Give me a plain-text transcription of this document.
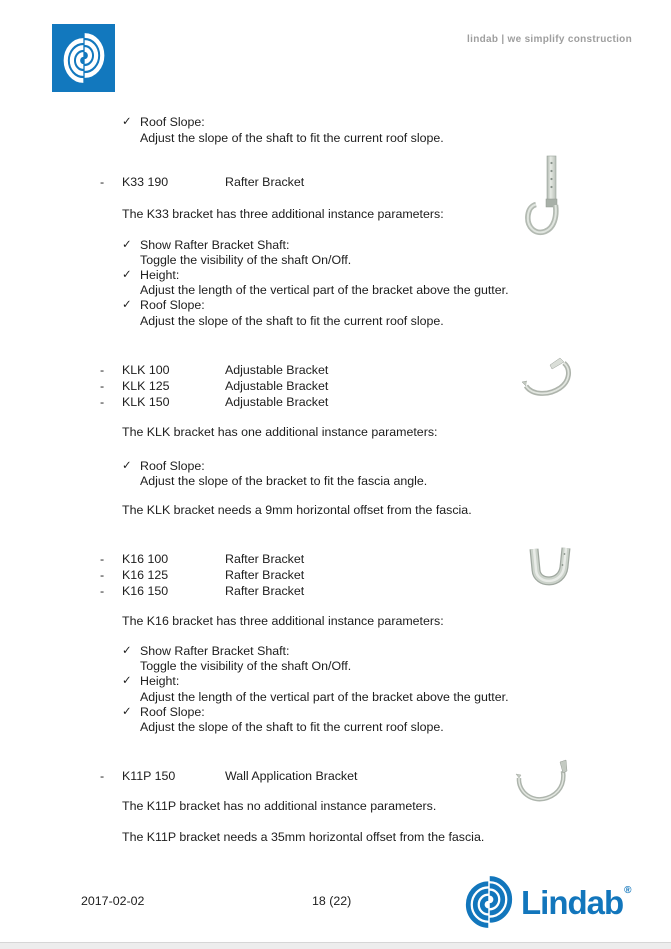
lindab | we simplify construction
✓ Roof Slope:
Adjust the slope of the shaft to fit the current roof slope.
- K33 190	Rafter Bracket
The K33 bracket has three additional instance parameters:
✓ Show Rafter Bracket Shaft:
Toggle the visibility of the shaft On/Off.
✓ Height:
Adjust the length of the vertical part of the bracket above the gutter.
✓ Roof Slope:
Adjust the slope of the shaft to fit the current roof slope.
- KLK 100	Adjustable Bracket
- KLK 125	Adjustable Bracket
- KLK 150	Adjustable Bracket
The KLK bracket has one additional instance parameters:
✓ Roof Slope:
Adjust the slope of the bracket to fit the fascia angle.
The KLK bracket needs a 9mm horizontal offset from the fascia.
- K16 100	Rafter Bracket
- K16 125	Rafter Bracket
- K16 150	Rafter Bracket
The K16 bracket has three additional instance parameters:
✓ Show Rafter Bracket Shaft:
Toggle the visibility of the shaft On/Off.
✓ Height:
Adjust the length of the vertical part of the bracket above the gutter.
✓ Roof Slope:
Adjust the slope of the shaft to fit the current roof slope.
- K11P 150	Wall Application Bracket
The K11P bracket has no additional instance parameters.
The K11P bracket needs a 35mm horizontal offset from the fascia.
2017-02-02	18 (22)	Lindab ®
